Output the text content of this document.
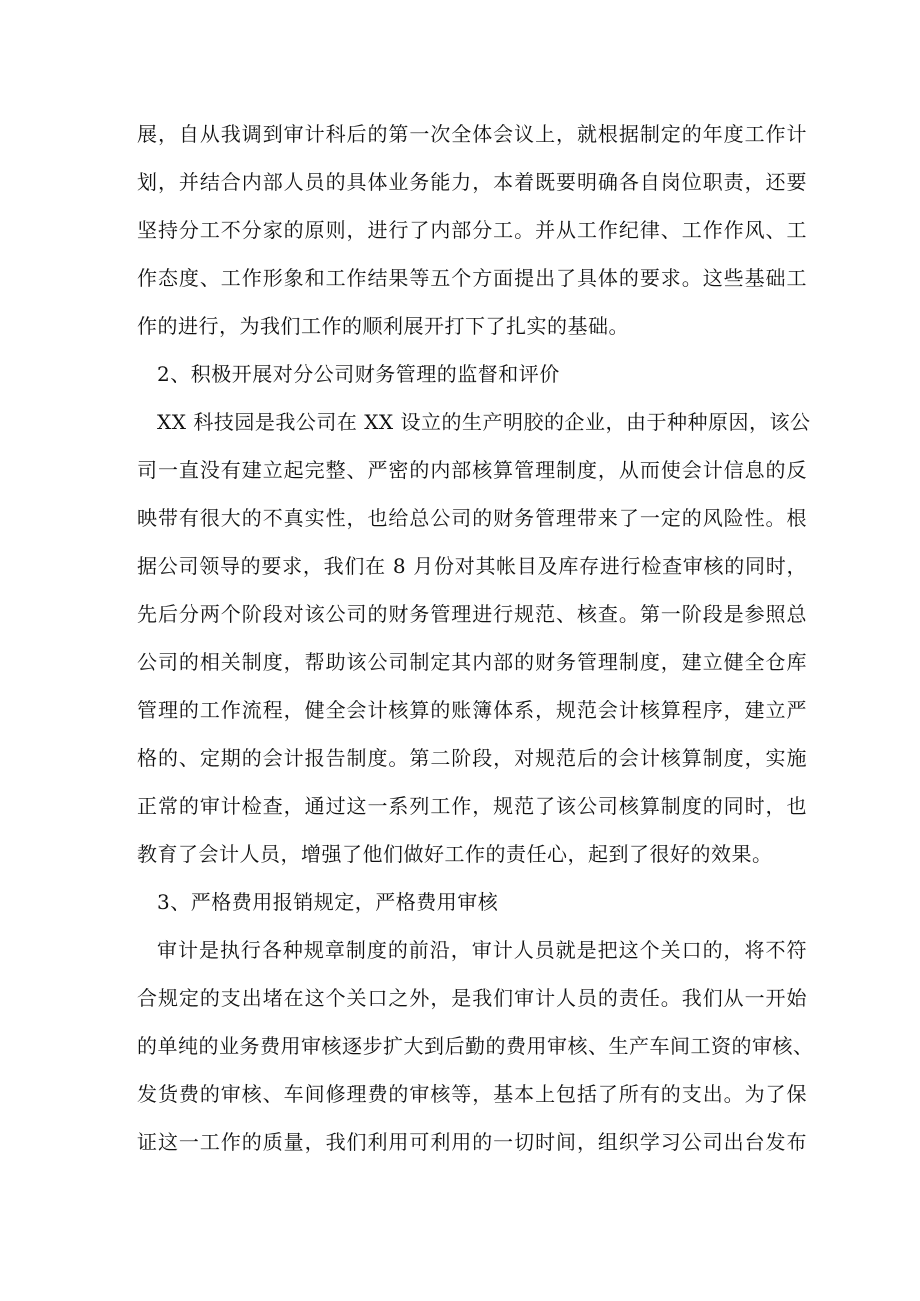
展，自从我调到审计科后的第一次全体会议上，就根据制定的年度工作计
划，并结合内部人员的具体业务能力，本着既要明确各自岗位职责，还要
坚持分工不分家的原则，进行了内部分工。并从工作纪律、工作作风、工
作态度、工作形象和工作结果等五个方面提出了具体的要求。这些基础工
作的进行，为我们工作的顺利展开打下了扎实的基础。
2、积极开展对分公司财务管理的监督和评价
XX 科技园是我公司在 XX 设立的生产明胶的企业，由于种种原因，该公
司一直没有建立起完整、严密的内部核算管理制度，从而使会计信息的反
映带有很大的不真实性，也给总公司的财务管理带来了一定的风险性。根
据公司领导的要求，我们在 8 月份对其帐目及库存进行检查审核的同时，
先后分两个阶段对该公司的财务管理进行规范、核查。第一阶段是参照总
公司的相关制度，帮助该公司制定其内部的财务管理制度，建立健全仓库
管理的工作流程，健全会计核算的账簿体系，规范会计核算程序，建立严
格的、定期的会计报告制度。第二阶段，对规范后的会计核算制度，实施
正常的审计检查，通过这一系列工作，规范了该公司核算制度的同时，也
教育了会计人员，增强了他们做好工作的责任心，起到了很好的效果。
3、严格费用报销规定，严格费用审核
审计是执行各种规章制度的前沿，审计人员就是把这个关口的，将不符
合规定的支出堵在这个关口之外，是我们审计人员的责任。我们从一开始
的单纯的业务费用审核逐步扩大到后勤的费用审核、生产车间工资的审核、
发货费的审核、车间修理费的审核等，基本上包括了所有的支出。为了保
证这一工作的质量，我们利用可利用的一切时间，组织学习公司出台发布
